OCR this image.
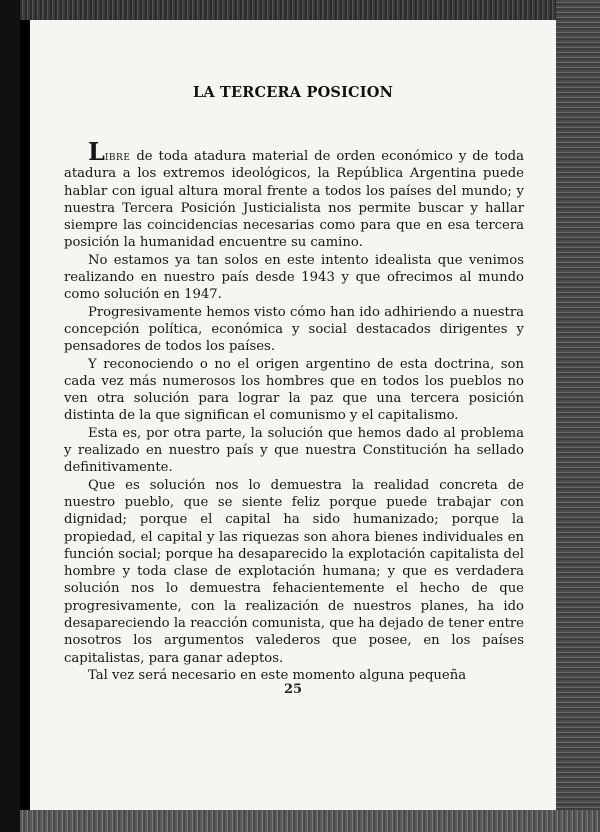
LA TERCERA POSICION

Libre de toda atadura material de orden económico y de toda atadura a los extremos ideológicos, la República Argentina puede hablar con igual altura moral frente a todos los países del mundo; y nuestra Tercera Posición Justicialista nos permite buscar y hallar siempre las coincidencias necesarias como para que en esa tercera posición la humanidad encuentre su camino.

No estamos ya tan solos en este intento idealista que venimos realizando en nuestro país desde 1943 y que ofrecimos al mundo como solución en 1947.

Progresivamente hemos visto cómo han ido adhiriendo a nuestra concepción política, económica y social destacados dirigentes y pensadores de todos los países.

Y reconociendo o no el origen argentino de esta doctrina, son cada vez más numerosos los hombres que en todos los pueblos no ven otra solución para lograr la paz que una tercera posición distinta de la que significan el comunismo y el capitalismo.

Esta es, por otra parte, la solución que hemos dado al problema y realizado en nuestro país y que nuestra Constitución ha sellado definitivamente.

Que es solución nos lo demuestra la realidad concreta de nuestro pueblo, que se siente feliz porque puede trabajar con dignidad; porque el capital ha sido humanizado; porque la propiedad, el capital y las riquezas son ahora bienes individuales en función social; porque ha desaparecido la explotación capitalista del hombre y toda clase de explotación humana; y que es verdadera solución nos lo demuestra fehacientemente el hecho de que progresivamente, con la realización de nuestros planes, ha ido desapareciendo la reacción comunista, que ha dejado de tener entre nosotros los argumentos valederos que posee, en los países capitalistas, para ganar adeptos.

Tal vez será necesario en este momento alguna pequeña

25
